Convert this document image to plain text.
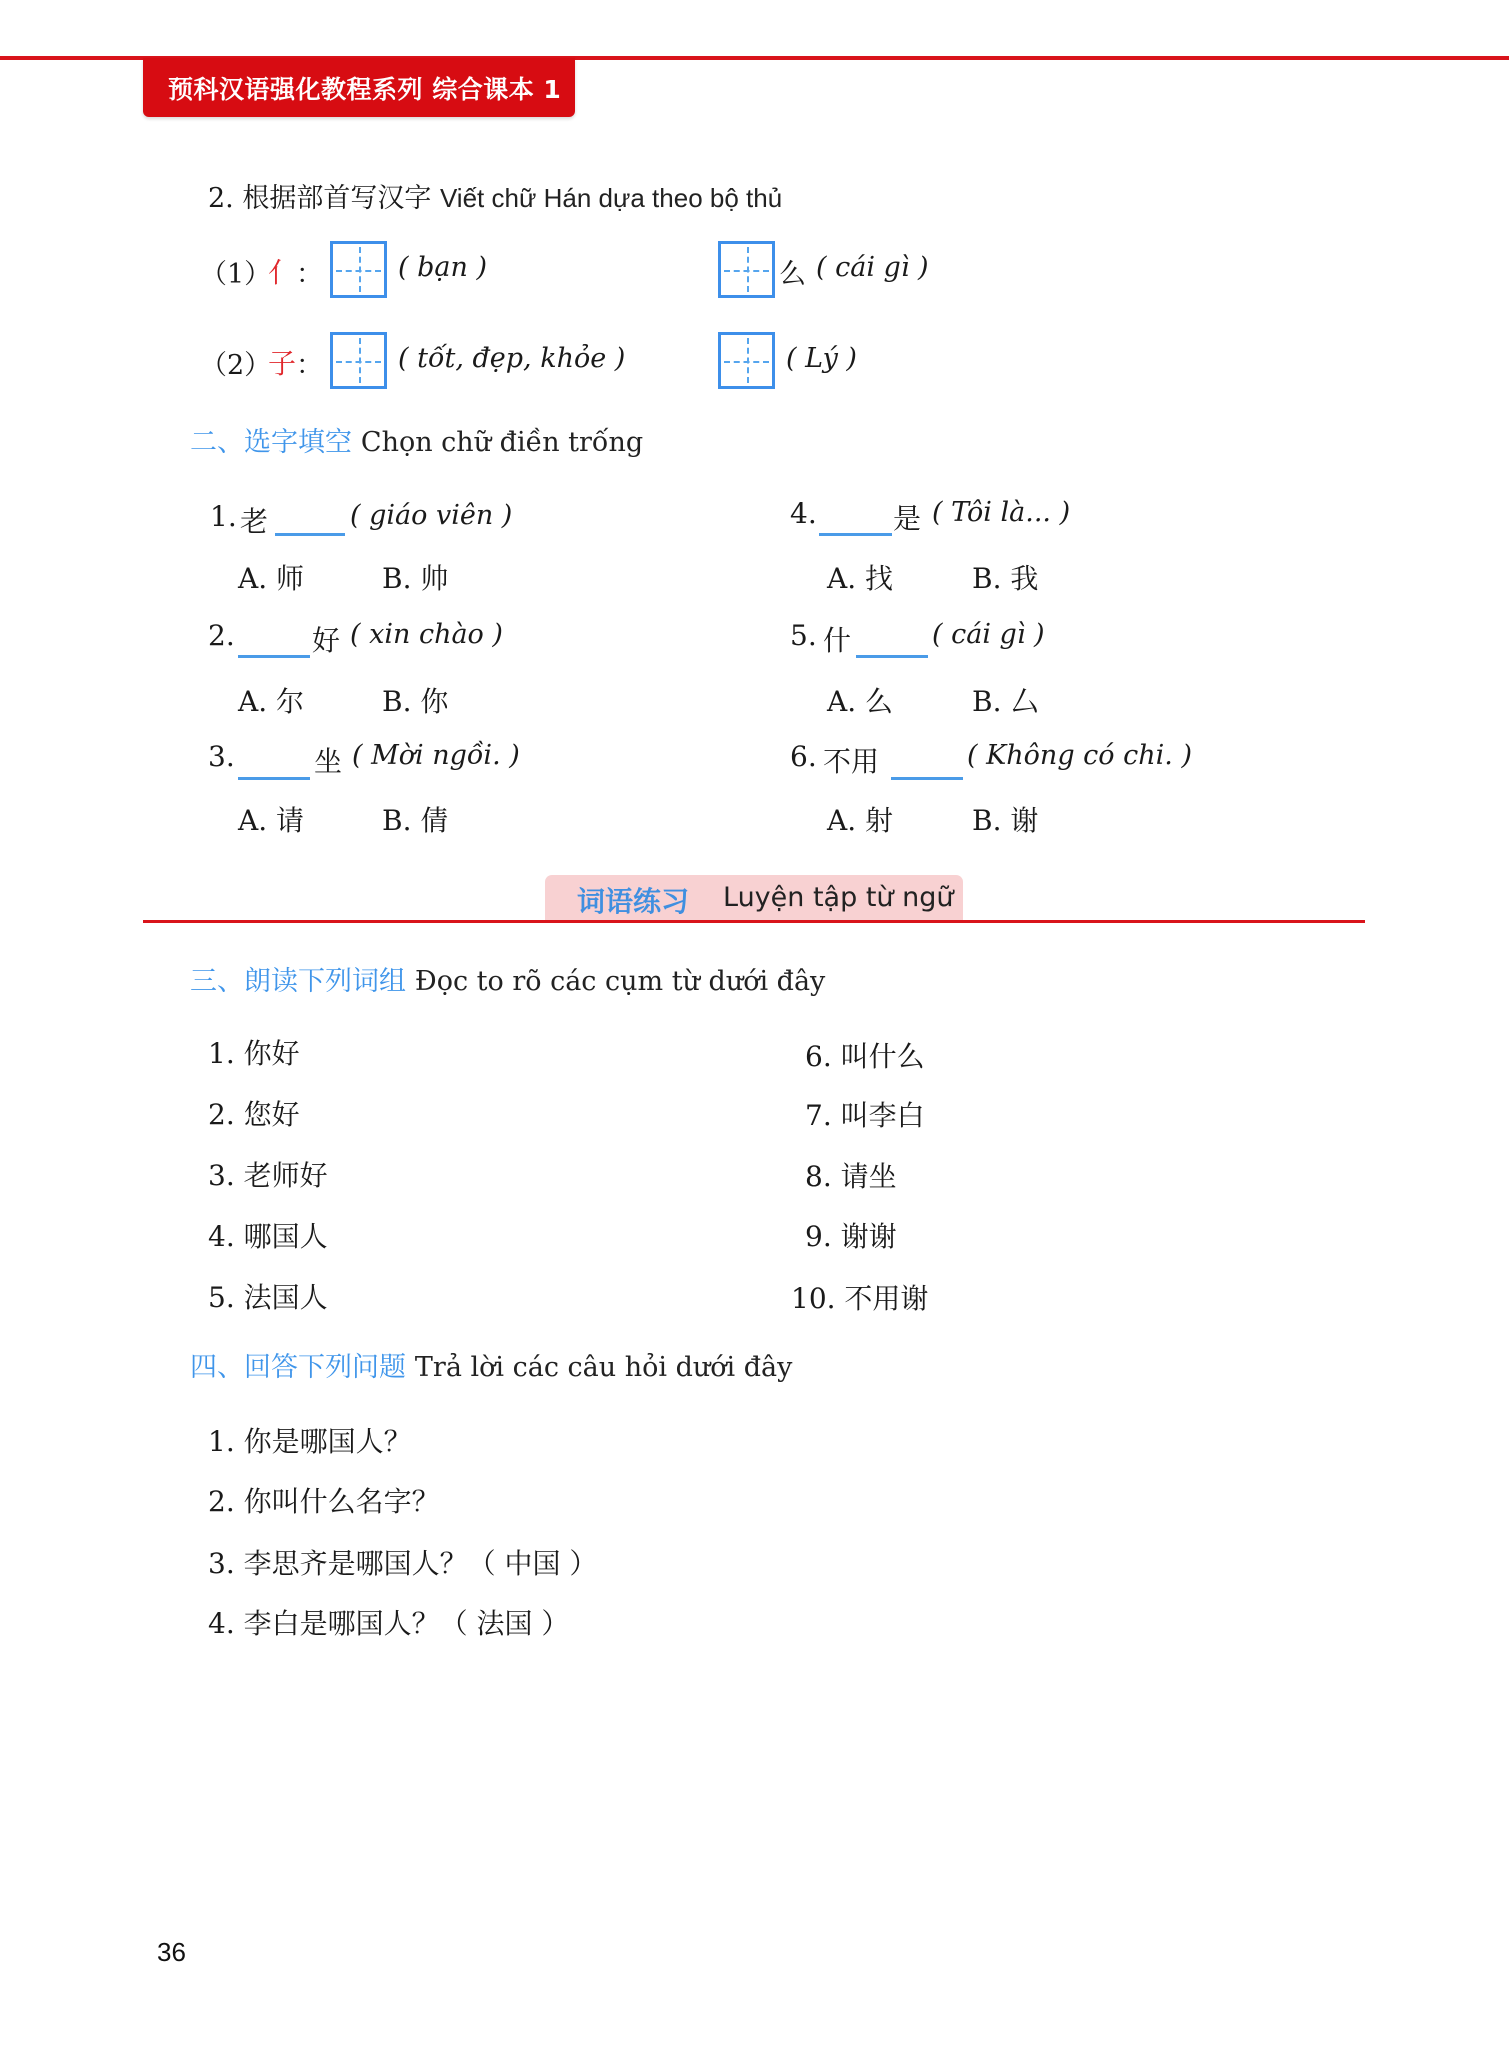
预科汉语强化教程系列 综合课本 1
2. 根据部首写汉字 Viết chữ Hán dựa theo bộ thủ
（1）
亻 ：	( bạn )	么 ( cái gì )
（2）
子 ：	( tốt, đẹp, khỏe )	( Lý )
二、选字填空 Chọn chữ điền trống
1. 老	( giáo viên )
A. 师	B. 帅
2.	好 ( xin chào )
A. 尔	B. 你
3.	坐 ( Mời ngồi. )
A. 请	B. 倩
4.	是 ( Tôi là... )
A. 找	B. 我
5. 什	( cái gì )
A. 么	B. 厶
6. 不用	( Không có chi. )
A. 射	B. 谢
词语练习 Luyện tập từ ngữ
三、朗读下列词组 Đọc to rõ các cụm từ dưới đây
1. 你好
2. 您好
3. 老师好
4. 哪国人
5. 法国人
6. 叫什么
7. 叫李白
8. 请坐
9. 谢谢
10. 不用谢
四、回答下列问题 Trả lời các câu hỏi dưới đây
1. 你是哪国人？
2. 你叫什么名字？
3. 李思齐是哪国人？（ 中国 ）
4. 李白是哪国人？（ 法国 ）
36
